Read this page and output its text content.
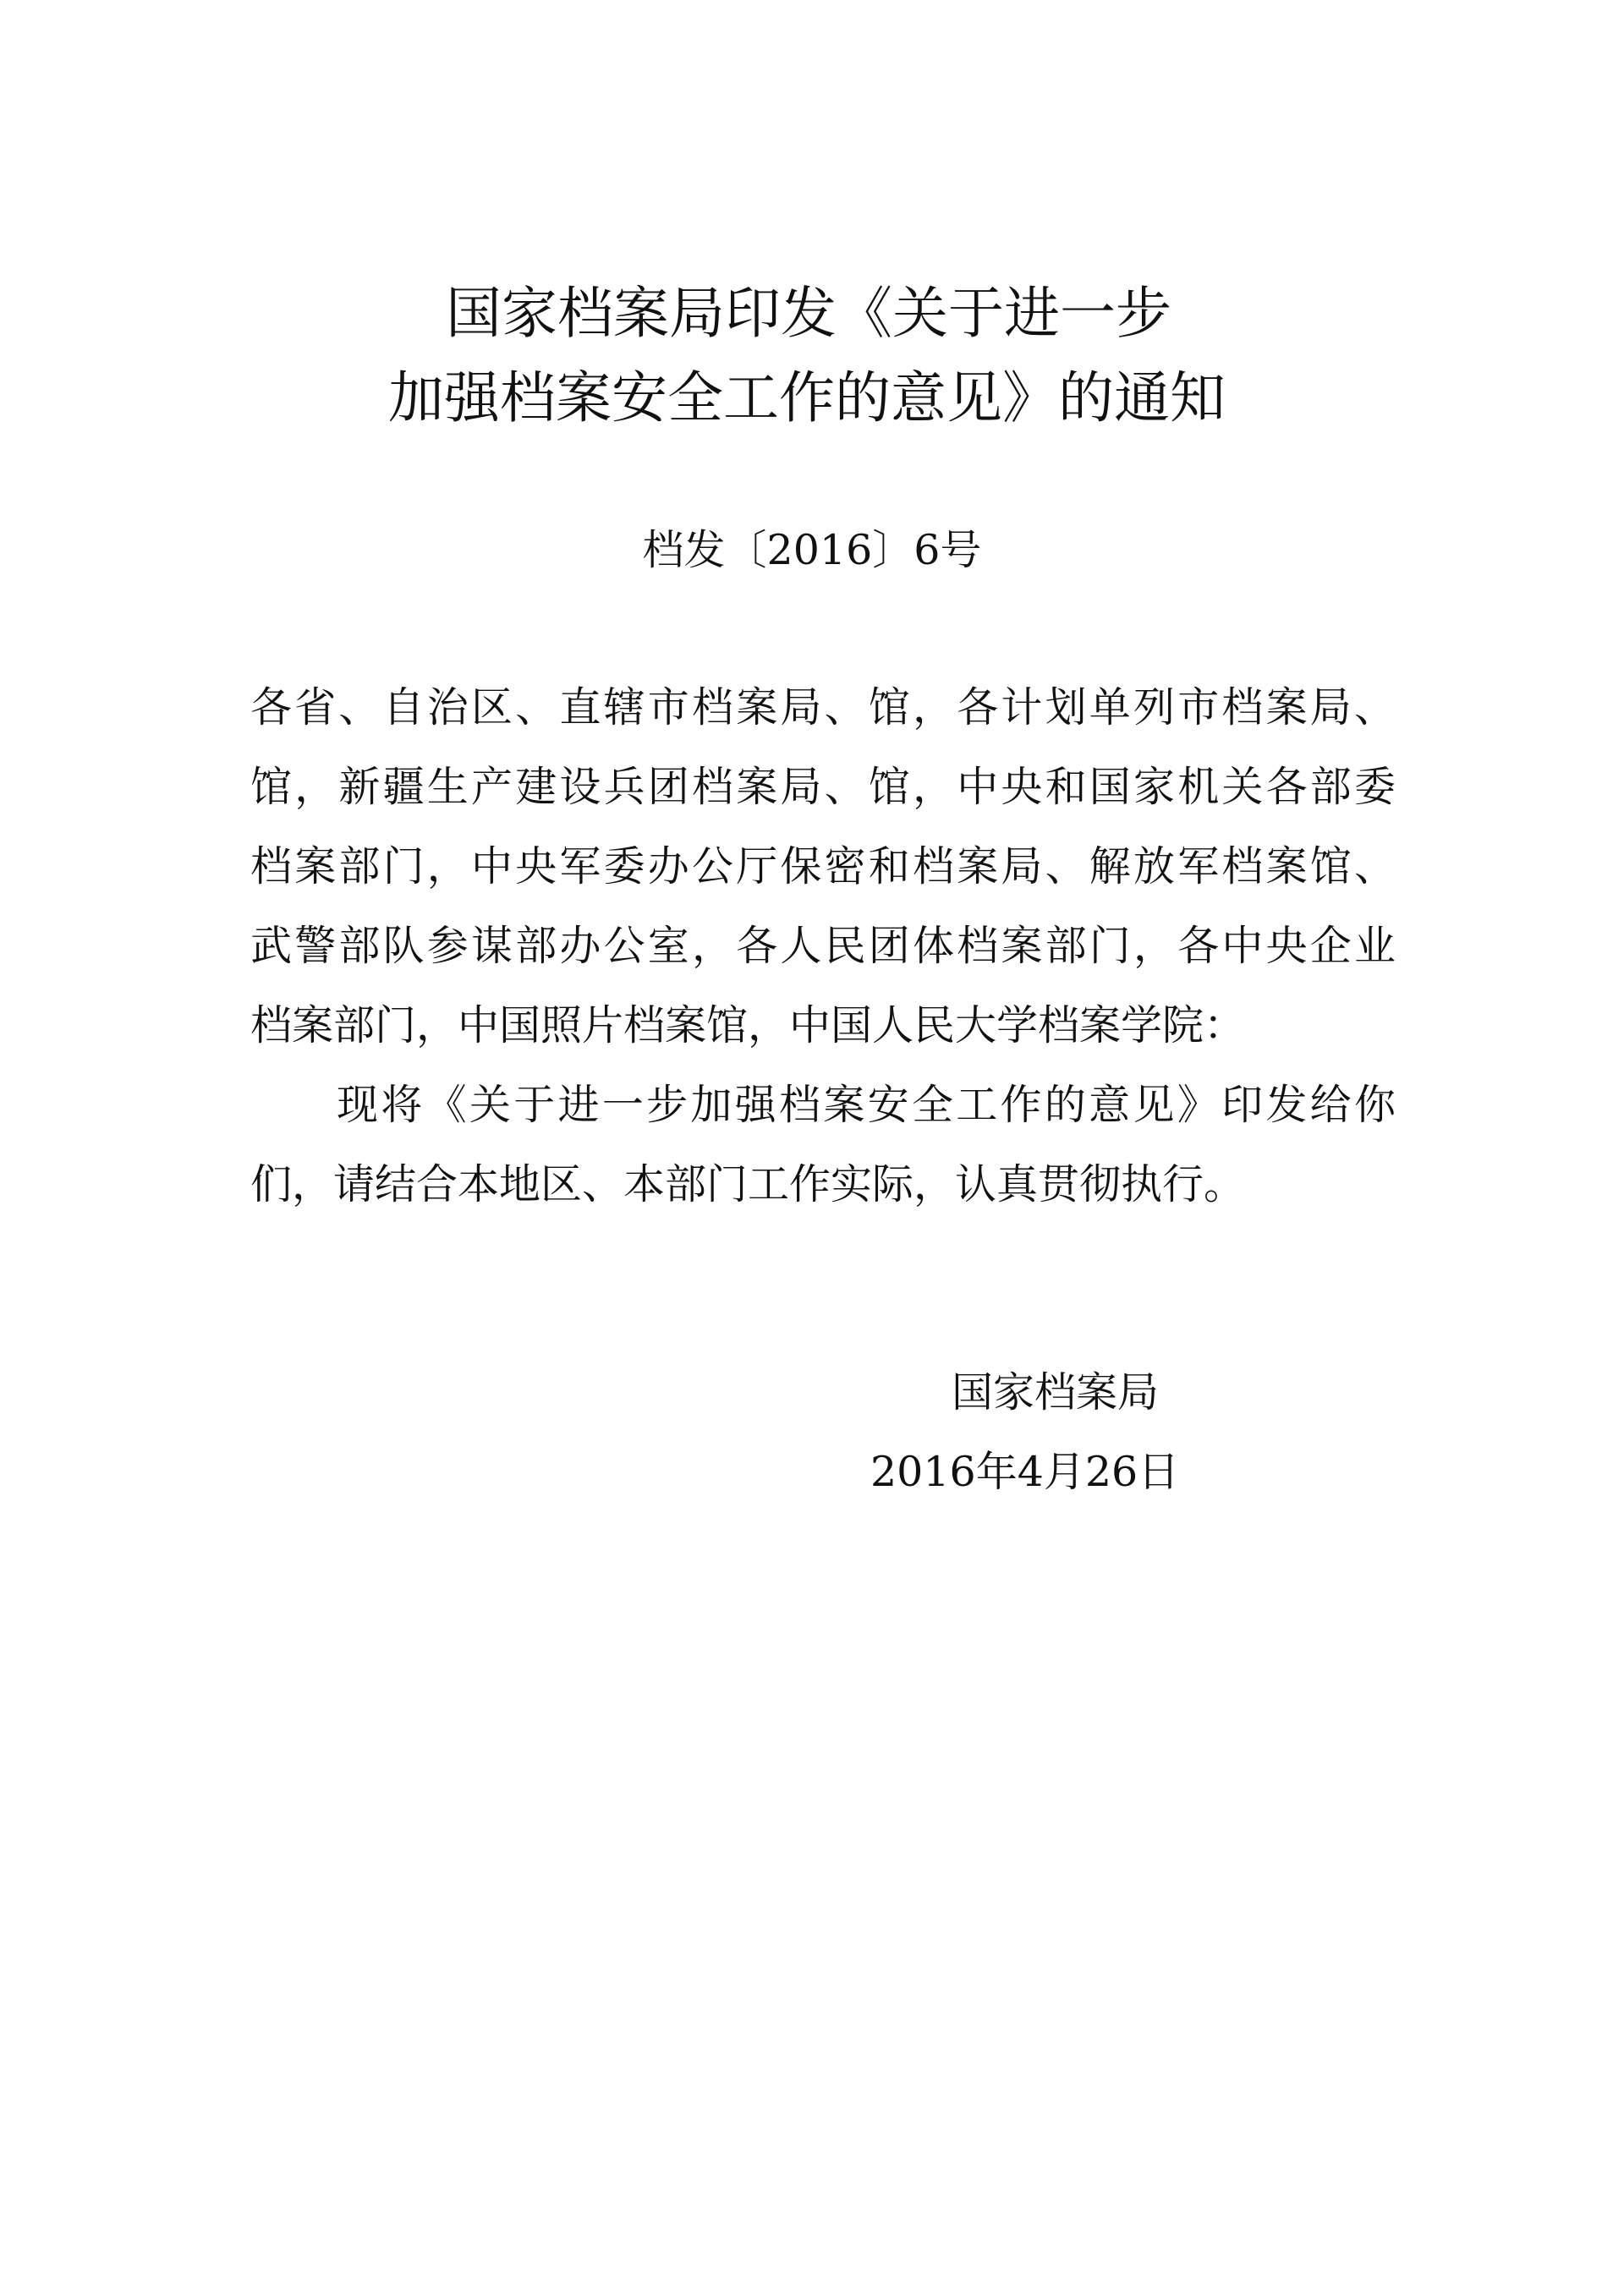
国家档案局印发《关于进一步
加强档案安全工作的意见》的通知
档发〔2016〕6号
各省、自治区、直辖市档案局、馆，各计划单列市档案局、
馆，新疆生产建设兵团档案局、馆，中央和国家机关各部委
档案部门，中央军委办公厅保密和档案局、解放军档案馆、
武警部队参谋部办公室，各人民团体档案部门，各中央企业
档案部门，中国照片档案馆，中国人民大学档案学院：
现将《关于进一步加强档案安全工作的意见》印发给你
们，请结合本地区、本部门工作实际，认真贯彻执行。
国家档案局
2016年4月26日
